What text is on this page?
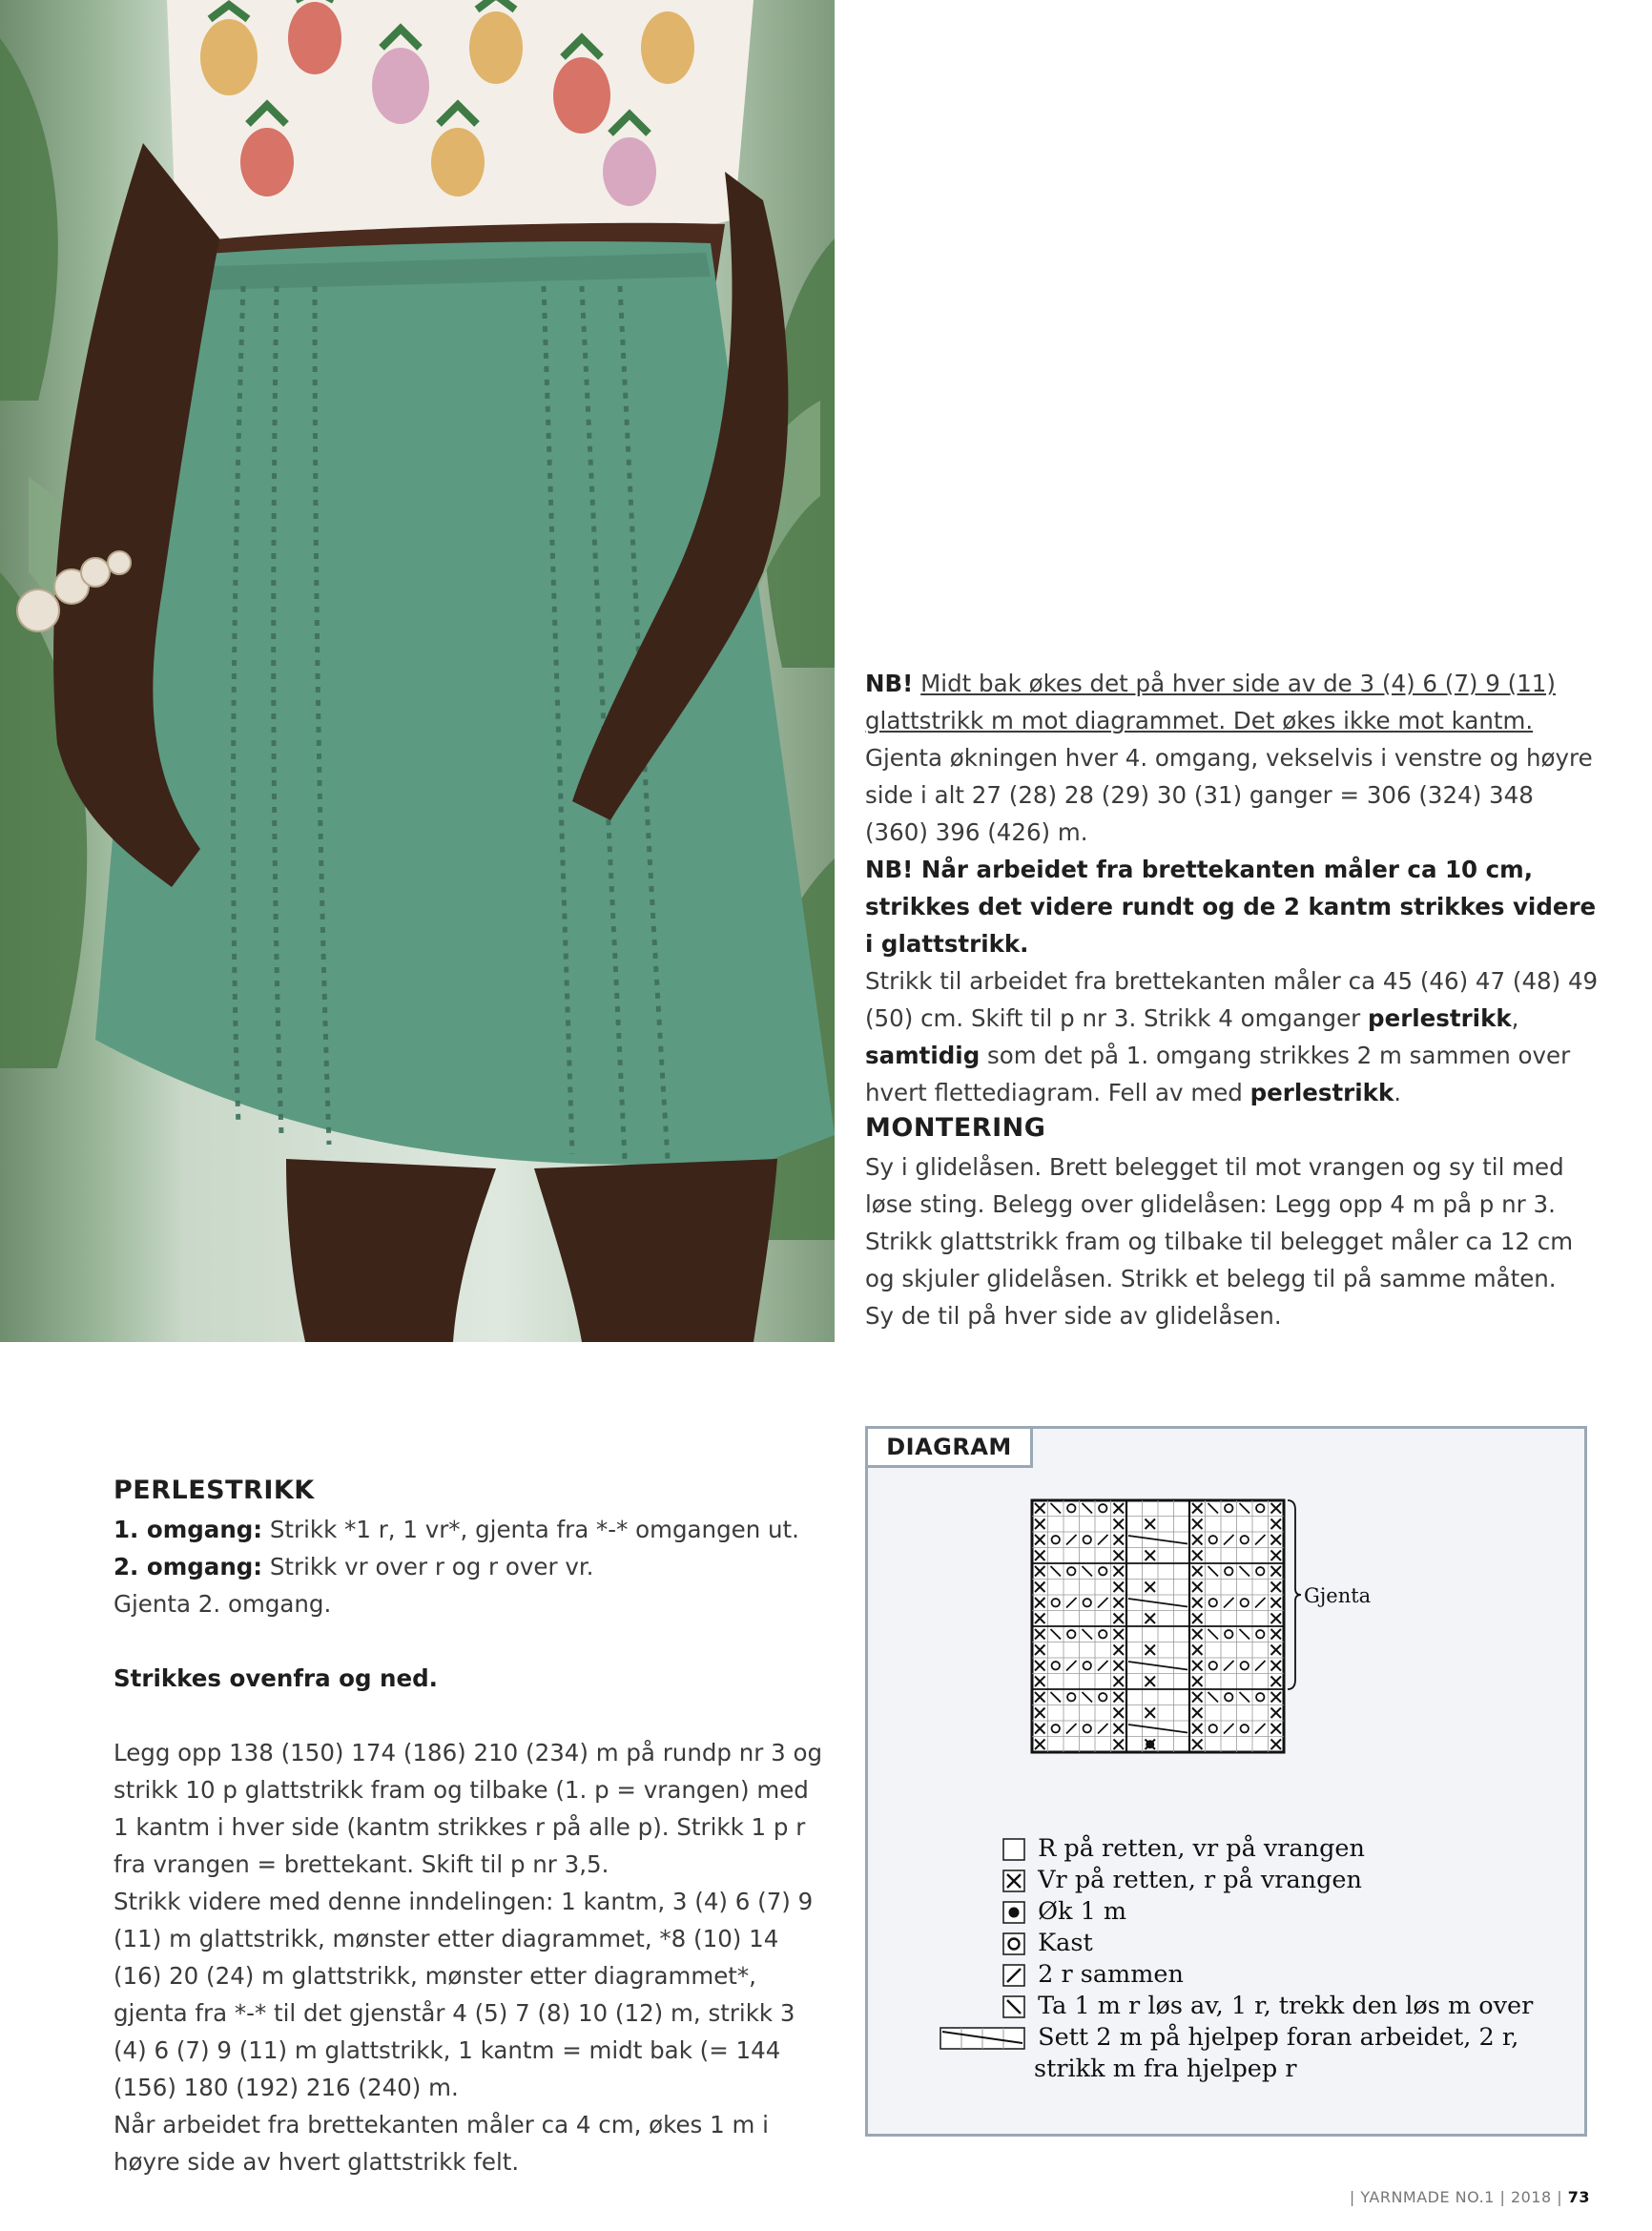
NB! Midt bak økes det på hver side av de 3 (4) 6 (7) 9 (11) glattstrikk m mot diagrammet. Det økes ikke mot kantm.

Gjenta økningen hver 4. omgang, vekselvis i venstre og høyre side i alt 27 (28) 28 (29) 30 (31) ganger = 306 (324) 348 (360) 396 (426) m.

NB! Når arbeidet fra brettekanten måler ca 10 cm, strikkes det videre rundt og de 2 kantm strikkes videre i glattstrikk.

Strikk til arbeidet fra brettekanten måler ca 45 (46) 47 (48) 49 (50) cm. Skift til p nr 3. Strikk 4 omganger perlestrikk, samtidig som det på 1. omgang strikkes 2 m sammen over hvert flettediagram. Fell av med perlestrikk.

MONTERING

Sy i glidelåsen. Brett belegget til mot vrangen og sy til med løse sting. Belegg over glidelåsen: Legg opp 4 m på p nr 3. Strikk glattstrikk fram og tilbake til belegget måler ca 12 cm og skjuler glidelåsen. Strikk et belegg til på samme måten.

Sy de til på hver side av glidelåsen.

PERLESTRIKK

1. omgang: Strikk *1 r, 1 vr*, gjenta fra *-* omgangen ut.

2. omgang: Strikk vr over r og r over vr.

Gjenta 2. omgang.

Strikkes ovenfra og ned.

Legg opp 138 (150) 174 (186) 210 (234) m på rundp nr 3 og strikk 10 p glattstrikk fram og tilbake (1. p = vrangen) med 1 kantm i hver side (kantm strikkes r på alle p). Strikk 1 p r fra vrangen = brettekant. Skift til p nr 3,5.

Strikk videre med denne inndelingen: 1 kantm, 3 (4) 6 (7) 9 (11) m glattstrikk, mønster etter diagrammet, *8 (10) 14 (16) 20 (24) m glattstrikk, mønster etter diagrammet*, gjenta fra *-* til det gjenstår 4 (5) 7 (8) 10 (12) m, strikk 3 (4) 6 (7) 9 (11) m glattstrikk, 1 kantm = midt bak (= 144 (156) 180 (192) 216 (240) m.

Når arbeidet fra brettekanten måler ca 4 cm, økes 1 m i høyre side av hvert glattstrikk felt.

DIAGRAM
Gjenta
R på retten, vr på vrangen
Vr på retten, r på vrangen
Øk 1 m
Kast
2 r sammen
Ta 1 m r løs av, 1 r, trekk den løs m over
Sett 2 m på hjelpep foran arbeidet, 2 r,
strikk m fra hjelpep r
| YARNMADE NO.1 | 2018 | 73
